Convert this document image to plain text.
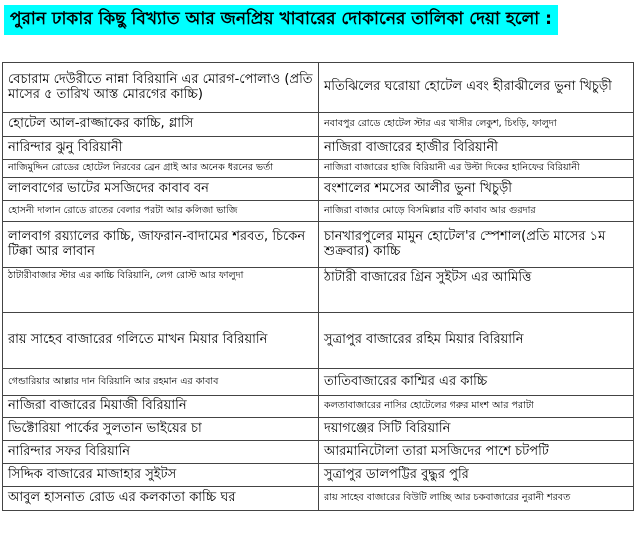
পুরান ঢাকার কিছু বিখ্যাত আর জনপ্রিয় খাবারের দোকানের তালিকা দেয়া হলো :
বেচারাম দেউরীতে নান্না বিরিয়ানি এর মোরগ-পোলাও (প্রতি মাসের ৫ তারিখ আস্ত মোরগের কাচ্চি)	মতিঝিলের ঘরোয়া হোটেল এবং হীরাঝীলের ভুনা খিচুড়ী
হোটেল আল-রাজ্জাকের কাচ্চি, গ্লাসি	নবাবপুর রোডে হোটেল স্টার এর খাসীর লেকুশ, চিংড়ি, ফালুদা
নারিন্দার ঝুনু বিরিয়ানী	নাজিরা বাজারের হাজীর বিরিয়ানী
নাজিমুদ্দিন রোডের হোটেল নিরবের ব্রেন গ্রাই আর অনেক ধরনের ভর্তা	নাজিরা বাজারের হাজি বিরিয়ানী এর উল্টা দিকের হানিফের বিরিয়ানী
লালবাগের ভাটের মসজিদের কাবাব বন	বংশালের শমসের আলীর ভুনা খিচুড়ী
হোসনী দালান রোডে রাতের বেলার পরটা আর কলিজা ভাজি	নাজিরা বাজার মোড়ে বিসমিল্লার বটি কাবাব আর গুরদার
লালবাগ রয়্যালের কাচ্চি, জাফরান-বাদামের শরবত, চিকেন টিক্কা আর লাবান	চানখারপুলের মামুন হোটেল'র স্পেশাল(প্রতি মাসের ১ম শুক্রবার) কাচ্চি
ঠাটারীবাজার স্টার এর কাচ্চি বিরিয়ানি, লেগ রোস্ট আর ফালুদা	ঠাটারী বাজারের গ্রিন সুইটস এর আমিত্তি
রায় সাহেব বাজারের গলিতে মাখন মিয়ার বিরিয়ানি	সুত্রাপুর বাজারের রহিম মিয়ার বিরিয়ানি
গেন্ডারিয়ার আল্লার দান বিরিয়ানি আর রহমান এর কাবাব	তাতিবাজারের কাশ্মির এর কাচ্চি
নাজিরা বাজারের মিয়াজী বিরিয়ানি	কলতাবাজারের নাসির হোটেলের গরুর মাংশ আর পরাটা
ভিক্টোরিয়া পার্কের সুলতান ভাইয়ের চা	দয়াগঞ্জের সিটি বিরিয়ানি
নারিন্দার সফর বিরিয়ানি	আরমানিটোলা তারা মসজিদের পাশে চটপটি
সিদ্দিক বাজারের মাজাহার সুইটস	সুত্রাপুর ডালপট্টির বুদ্ধুর পুরি
আবুল হাসনাত রোড এর কলকাতা কাচ্চি ঘর	রায় সাহেব বাজারের বিউটি লাচ্ছি আর চকবাজারের নুরানী শরবত
